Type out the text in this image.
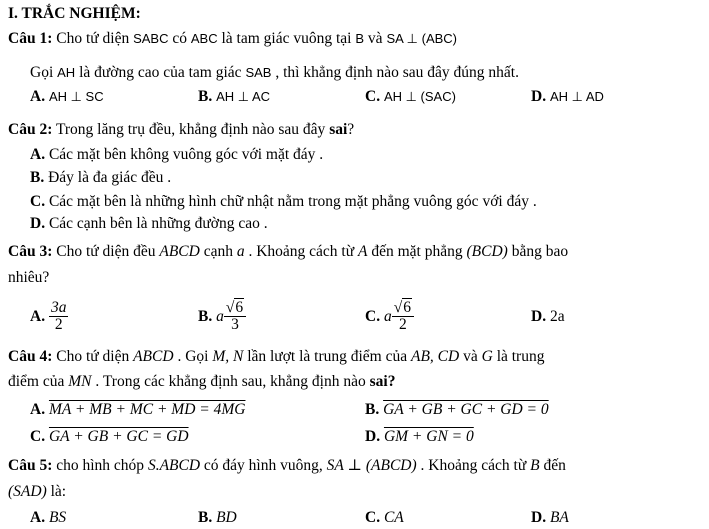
I. TRẮC NGHIỆM:
Câu 1: Cho tứ diện SABC có ABC là tam giác vuông tại B và SA ⊥ (ABC)
Gọi AH là đường cao của tam giác SAB , thì khẳng định nào sau đây đúng nhất.
A. AH ⊥ SC	B. AH ⊥ AC	C. AH ⊥ (SAC)	D. AH ⊥ AD
Câu 2: Trong lăng trụ đều, khẳng định nào sau đây sai?
A. Các mặt bên không vuông góc với mặt đáy .
B. Đáy là đa giác đều .
C. Các mặt bên là những hình chữ nhật nằm trong mặt phẳng vuông góc với đáy .
D. Các cạnh bên là những đường cao .
Câu 3: Cho tứ diện đều ABCD cạnh a . Khoảng cách từ A đến mặt phẳng (BCD) bằng bao
nhiêu?
A. $\frac{3a}{2}$	B. a $\frac{√6}{3}$	C. a $\frac{√6}{2}$	D. 2a
Câu 4: Cho tứ diện ABCD . Gọi M, N lần lượt là trung điểm của AB, CD và G là trung
điểm của MN . Trong các khẳng định sau, khẳng định nào sai?
A. MA + MB + MC + MD = 4MG	B. GA + GB + GC + GD = 0
C. GA + GB + GC = GD	D. GM + GN = 0
Câu 5: cho hình chóp S.ABCD có đáy hình vuông, SA ⊥ (ABCD) . Khoảng cách từ B đến
(SAD) là:
A. BS	B. BD	C. CA	D. BA
